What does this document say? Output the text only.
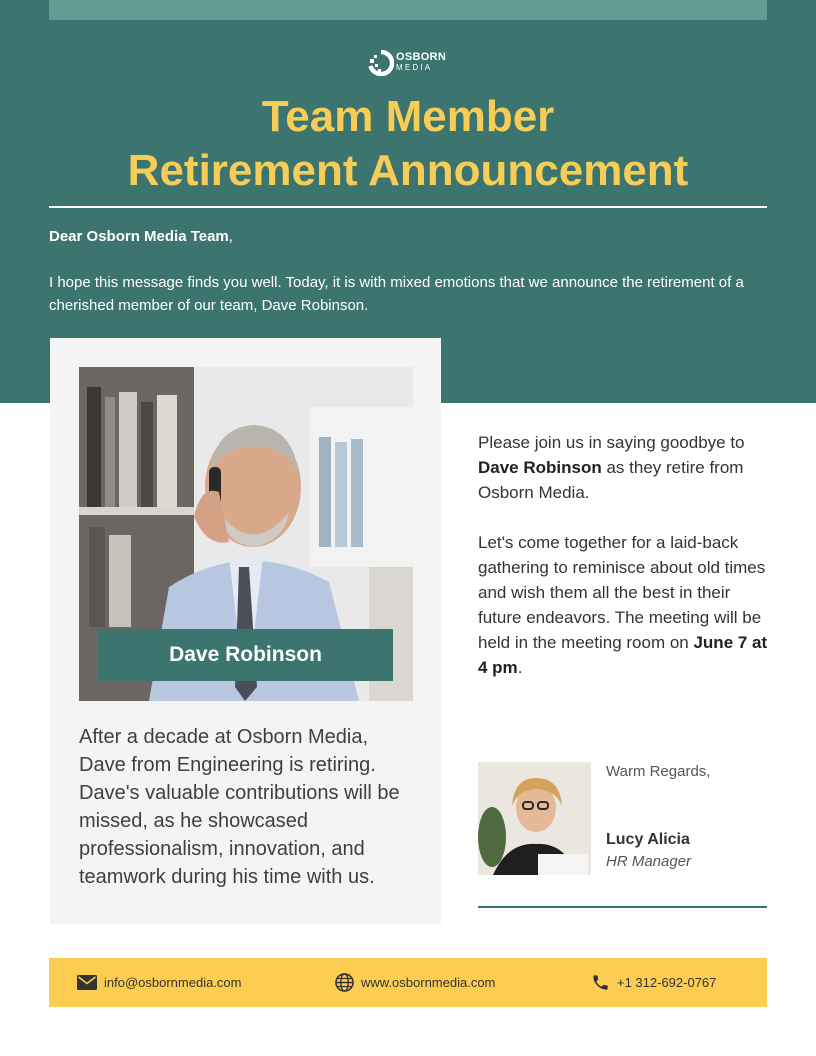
OSBORN
MEDIA
Team Member
Retirement Announcement
Dear Osborn Media Team,

I hope this message finds you well. Today, it is with mixed emotions that we announce the retirement of a cherished member of our team, Dave Robinson.

Dave Robinson

After a decade at Osborn Media, Dave from Engineering is retiring. Dave's valuable contributions will be missed, as he showcased professionalism, innovation, and teamwork during his time with us.

Please join us in saying goodbye to Dave Robinson as they retire from Osborn Media.

Let's come together for a laid-back gathering to reminisce about old times and wish them all the best in their future endeavors. The meeting will be held in the meeting room on June 7 at 4 pm.

Warm Regards,
Lucy Alicia
HR Manager
info@osbornmedia.com	www.osbornmedia.com	+1 312-692-0767
